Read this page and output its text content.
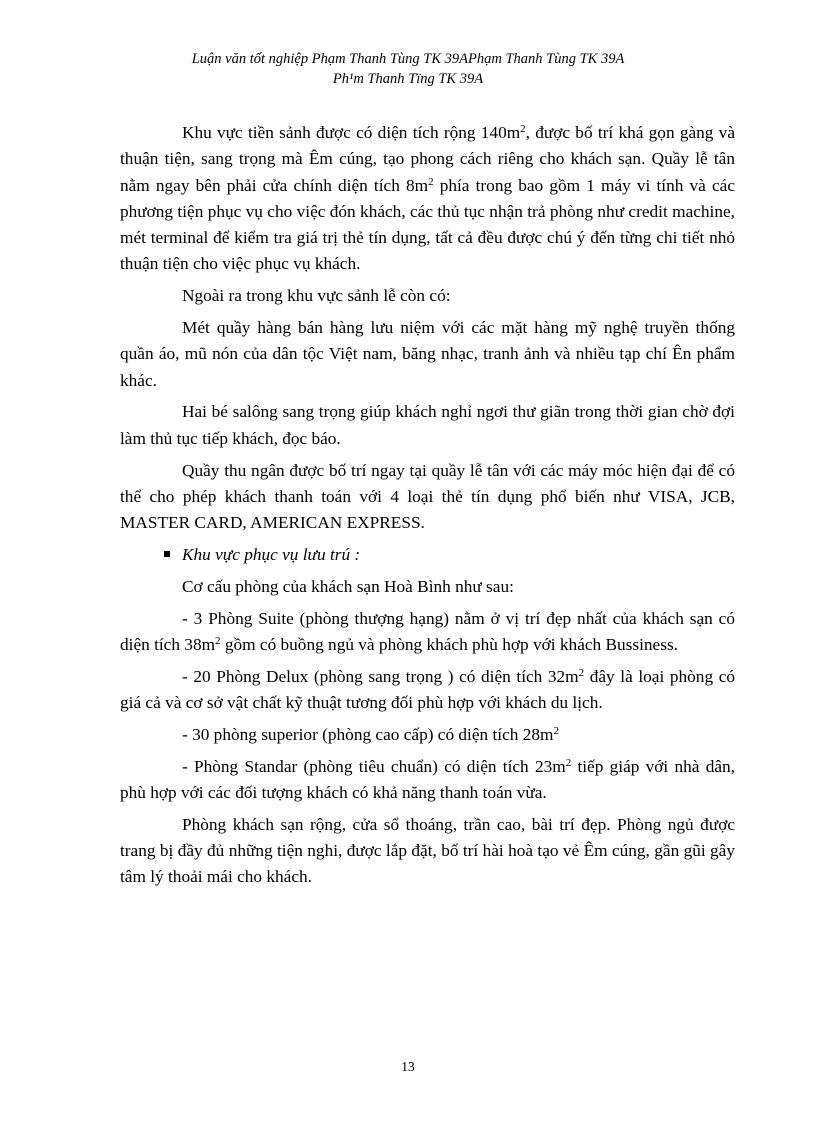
Luận văn tốt nghiệp Phạm Thanh Tùng TK 39APhạm Thanh Tùng TK 39A
Ph¹m Thanh Tïng TK 39A

Khu vực tiền sảnh được có diện tích rộng $140m^2$, được bố trí khá gọn gàng và thuận tiện, sang trọng mà Êm cúng, tạo phong cách riêng cho khách sạn. Quầy lễ tân nằm ngay bên phải cửa chính diện tích $8m^2$ phía trong bao gồm 1 máy vi tính và các phương tiện phục vụ cho việc đón khách, các thủ tục nhận trả phòng như credit machine, mét terminal để kiểm tra giá trị thẻ tín dụng, tất cả đều được chú ý đến từng chi tiết nhỏ thuận tiện cho việc phục vụ khách.

Ngoài ra trong khu vực sảnh lễ còn có:

Mét quầy hàng bán hàng lưu niệm với các mặt hàng mỹ nghệ truyền thống quần áo, mũ nón của dân tộc Việt nam, băng nhạc, tranh ảnh và nhiều tạp chí Ên phẩm khác.

Hai bé salông sang trọng giúp khách nghỉ ngơi thư giãn trong thời gian chờ đợi làm thủ tục tiếp khách, đọc báo.

Quầy thu ngân được bố trí ngay tại quầy lễ tân với các máy móc hiện đại để có thể cho phép khách thanh toán với 4 loại thẻ tín dụng phổ biến như VISA, JCB, MASTER CARD, AMERICAN EXPRESS.

Khu vực phục vụ lưu trú :

Cơ cấu phòng của khách sạn Hoà Bình như sau:

- 3 Phòng Suite (phòng thượng hạng) nằm ở vị trí đẹp nhất của khách sạn có diện tích $38m^2$ gồm có buồng ngủ và phòng khách phù hợp với khách Bussiness.

- 20 Phòng Delux (phòng sang trọng ) có diện tích $32m^2$ đây là loại phòng có giá cả và cơ sở vật chất kỹ thuật tương đối phù hợp với khách du lịch.

- 30 phòng superior (phòng cao cấp) có diện tích $28m^2$

- Phòng Standar (phòng tiêu chuẩn) có diện tích $23m^2$ tiếp giáp với nhà dân, phù hợp với các đối tượng khách có khả năng thanh toán vừa.

Phòng khách sạn rộng, cửa sổ thoáng, trần cao, bài trí đẹp. Phòng ngủ được trang bị đầy đủ những tiện nghi, được lắp đặt, bố trí hài hoà tạo vẻ Êm cúng, gần gũi gây tâm lý thoải mái cho khách.

13
